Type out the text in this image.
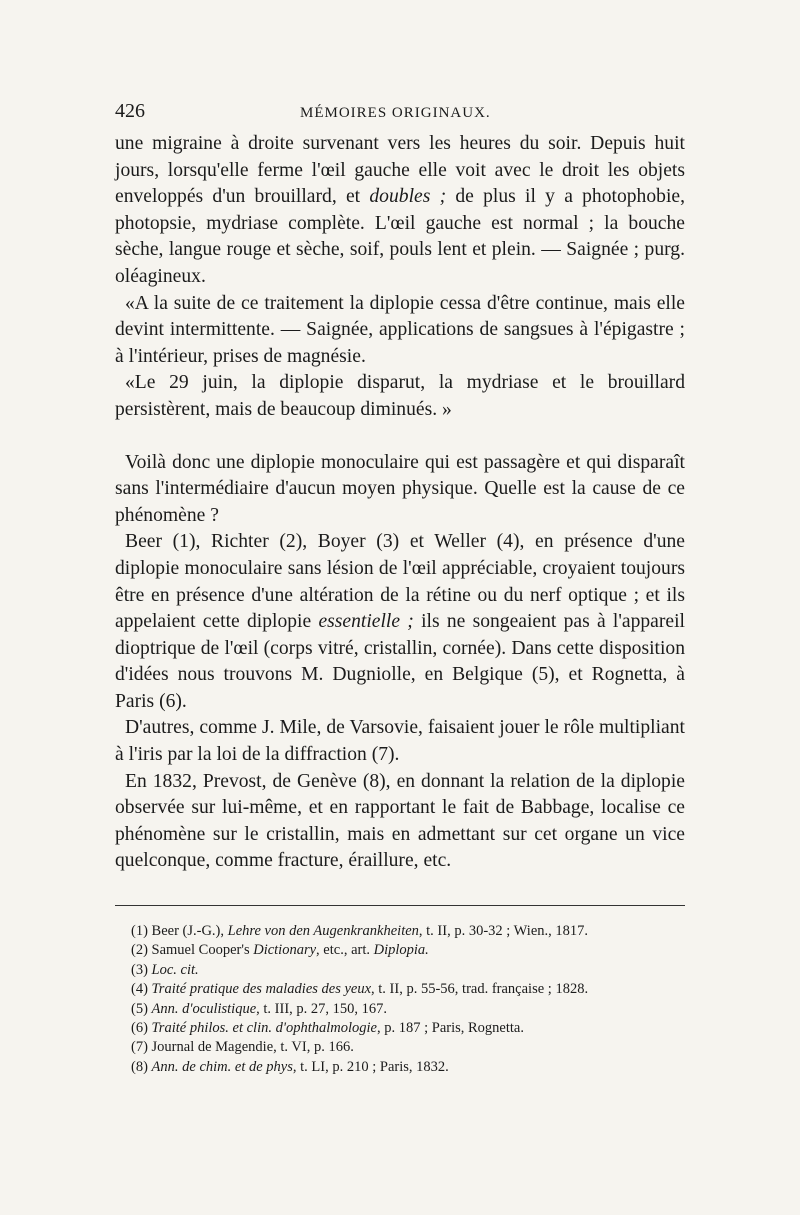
426	MÉMOIRES ORIGINAUX.

une migraine à droite survenant vers les heures du soir. Depuis huit jours, lorsqu'elle ferme l'œil gauche elle voit avec le droit les objets enveloppés d'un brouillard, et doubles ; de plus il y a photophobie, photopsie, mydriase complète. L'œil gauche est normal ; la bouche sèche, langue rouge et sèche, soif, pouls lent et plein. — Saignée ; purg. oléagineux.

«A la suite de ce traitement la diplopie cessa d'être continue, mais elle devint intermittente. — Saignée, applications de sangsues à l'épigastre ; à l'intérieur, prises de magnésie.

«Le 29 juin, la diplopie disparut, la mydriase et le brouillard persistèrent, mais de beaucoup diminués. »

Voilà donc une diplopie monoculaire qui est passagère et qui disparaît sans l'intermédiaire d'aucun moyen physique. Quelle est la cause de ce phénomène ?

Beer (1), Richter (2), Boyer (3) et Weller (4), en présence d'une diplopie monoculaire sans lésion de l'œil appréciable, croyaient toujours être en présence d'une altération de la rétine ou du nerf optique ; et ils appelaient cette diplopie essentielle ; ils ne songeaient pas à l'appareil dioptrique de l'œil (corps vitré, cristallin, cornée). Dans cette disposition d'idées nous trouvons M. Dugniolle, en Belgique (5), et Rognetta, à Paris (6).

D'autres, comme J. Mile, de Varsovie, faisaient jouer le rôle multipliant à l'iris par la loi de la diffraction (7).

En 1832, Prevost, de Genève (8), en donnant la relation de la diplopie observée sur lui-même, et en rapportant le fait de Babbage, localise ce phénomène sur le cristallin, mais en admettant sur cet organe un vice quelconque, comme fracture, éraillure, etc.

(1) Beer (J.-G.), Lehre von den Augenkrankheiten, t. II, p. 30-32 ; Wien., 1817.

(2) Samuel Cooper's Dictionary, etc., art. Diplopia.

(3) Loc. cit.

(4) Traité pratique des maladies des yeux, t. II, p. 55-56, trad. française ; 1828.

(5) Ann. d'oculistique, t. III, p. 27, 150, 167.

(6) Traité philos. et clin. d'ophthalmologie, p. 187 ; Paris, Rognetta.

(7) Journal de Magendie, t. VI, p. 166.

(8) Ann. de chim. et de phys, t. LI, p. 210 ; Paris, 1832.
